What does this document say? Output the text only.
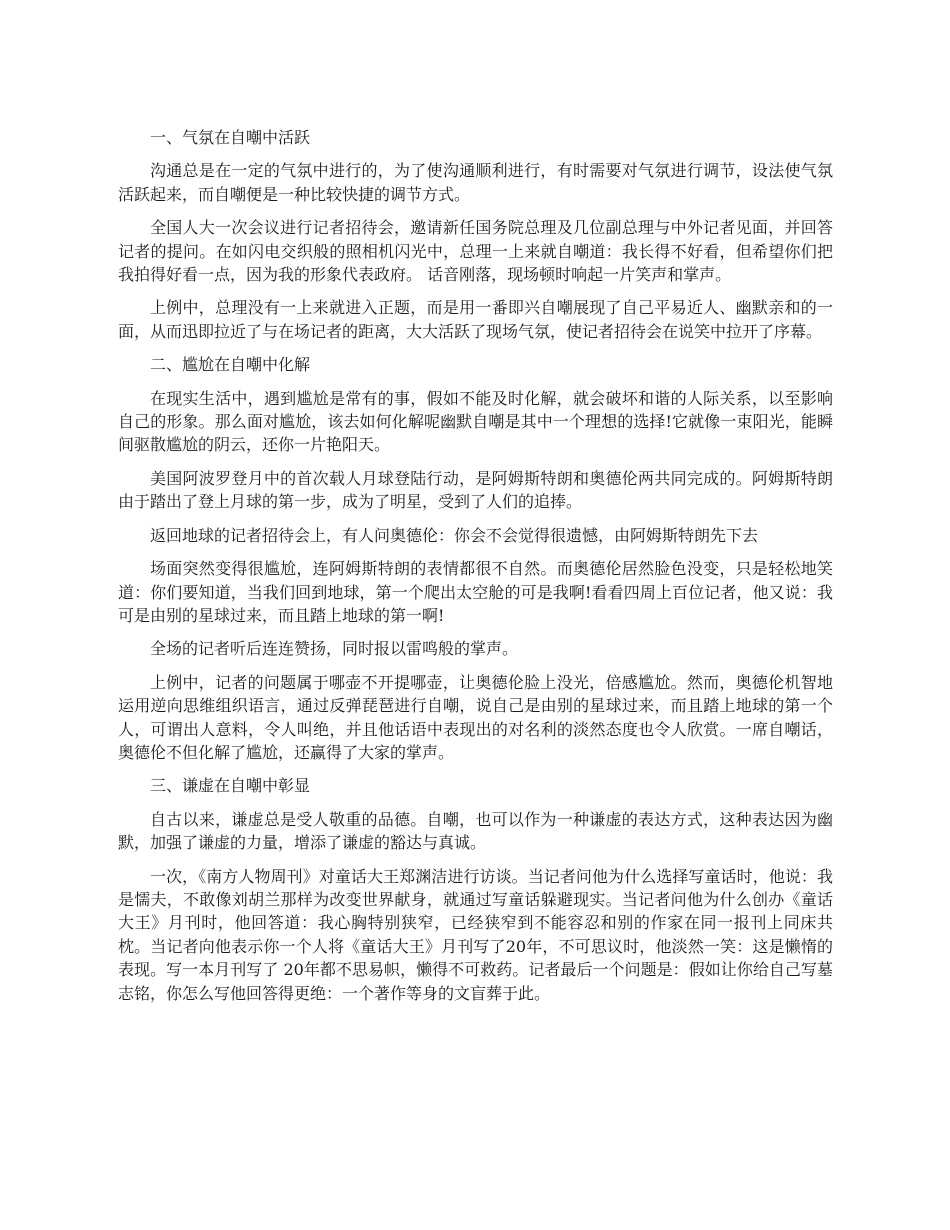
一、气氛在自嘲中活跃

沟通总是在一定的气氛中进行的，为了使沟通顺利进行，有时需要对气氛进行调节，设法使气氛活跃起来，而自嘲便是一种比较快捷的调节方式。

全国人大一次会议进行记者招待会，邀请新任国务院总理及几位副总理与中外记者见面，并回答记者的提问。在如闪电交织般的照相机闪光中，总理一上来就自嘲道：我长得不好看，但希望你们把我拍得好看一点，因为我的形象代表政府。 话音刚落，现场顿时响起一片笑声和掌声。

上例中，总理没有一上来就进入正题，而是用一番即兴自嘲展现了自己平易近人、幽默亲和的一面，从而迅即拉近了与在场记者的距离，大大活跃了现场气氛，使记者招待会在说笑中拉开了序幕。

二、尴尬在自嘲中化解

在现实生活中，遇到尴尬是常有的事，假如不能及时化解，就会破坏和谐的人际关系，以至影响自己的形象。那么面对尴尬，该去如何化解呢幽默自嘲是其中一个理想的选择!它就像一束阳光，能瞬间驱散尴尬的阴云，还你一片艳阳天。

美国阿波罗登月中的首次载人月球登陆行动，是阿姆斯特朗和奥德伦两共同完成的。阿姆斯特朗由于踏出了登上月球的第一步，成为了明星，受到了人们的追捧。

返回地球的记者招待会上，有人问奥德伦：你会不会觉得很遗憾，由阿姆斯特朗先下去

场面突然变得很尴尬，连阿姆斯特朗的表情都很不自然。而奥德伦居然脸色没变，只是轻松地笑道：你们要知道，当我们回到地球，第一个爬出太空舱的可是我啊!看看四周上百位记者，他又说：我可是由别的星球过来，而且踏上地球的第一啊!

全场的记者听后连连赞扬，同时报以雷鸣般的掌声。

上例中，记者的问题属于哪壶不开提哪壶，让奥德伦脸上没光，倍感尴尬。然而，奥德伦机智地运用逆向思维组织语言，通过反弹琵琶进行自嘲，说自己是由别的星球过来，而且踏上地球的第一个人，可谓出人意料，令人叫绝，并且他话语中表现出的对名利的淡然态度也令人欣赏。一席自嘲话，奥德伦不但化解了尴尬，还赢得了大家的掌声。

三、谦虚在自嘲中彰显

自古以来，谦虚总是受人敬重的品德。自嘲，也可以作为一种谦虚的表达方式，这种表达因为幽默，加强了谦虚的力量，增添了谦虚的豁达与真诚。

一次，《南方人物周刊》对童话大王郑渊洁进行访谈。当记者问他为什么选择写童话时，他说：我是懦夫，不敢像刘胡兰那样为改变世界献身，就通过写童话躲避现实。当记者问他为什么创办《童话大王》月刊时，他回答道：我心胸特别狭窄，已经狭窄到不能容忍和别的作家在同一报刊上同床共枕。当记者向他表示你一个人将《童话大王》月刊写了20年，不可思议时，他淡然一笑：这是懒惰的表现。写一本月刊写了 20年都不思易帜，懒得不可救药。记者最后一个问题是：假如让你给自己写墓志铭，你怎么写他回答得更绝：一个著作等身的文盲葬于此。
